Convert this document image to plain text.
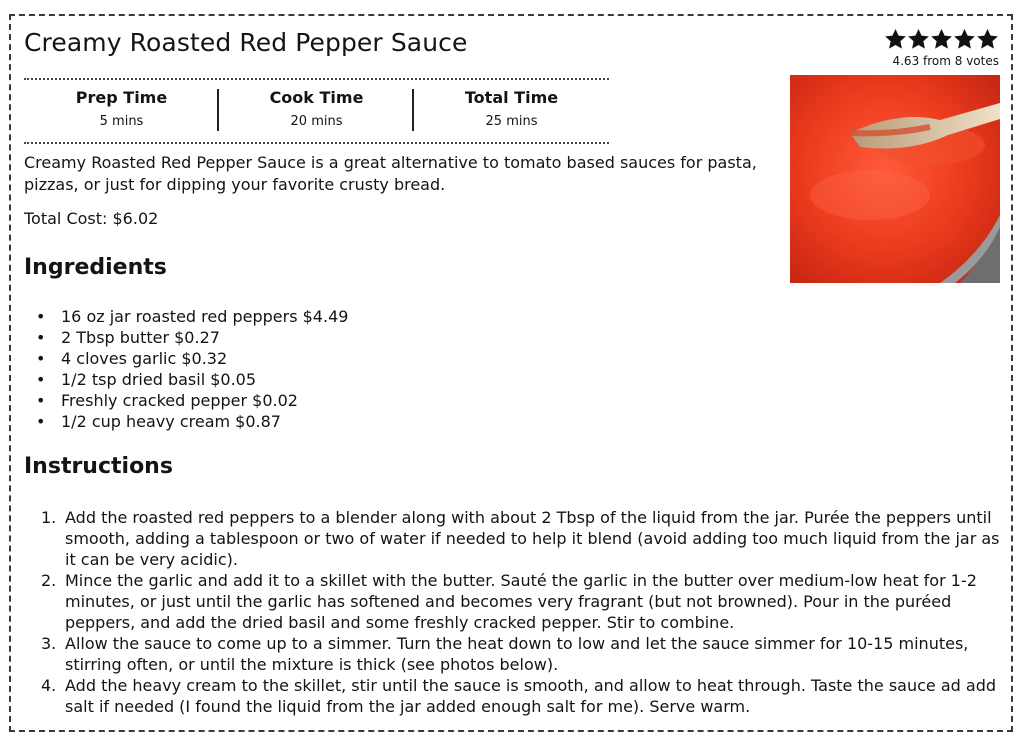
Creamy Roasted Red Pepper Sauce
4.63 from 8 votes
Prep Time
5 mins
Cook Time
20 mins
Total Time
25 mins

Creamy Roasted Red Pepper Sauce is a great alternative to tomato based sauces for pasta, pizzas, or just for dipping your favorite crusty bread.

Total Cost: $6.02
Ingredients
• 16 oz jar roasted red peppers $4.49
• 2 Tbsp butter $0.27
• 4 cloves garlic $0.32
• 1/2 tsp dried basil $0.05
• Freshly cracked pepper $0.02
• 1/2 cup heavy cream $0.87
Instructions
1. Add the roasted red peppers to a blender along with about 2 Tbsp of the liquid from the jar. Purée the peppers until smooth, adding a tablespoon or two of water if needed to help it blend (avoid adding too much liquid from the jar as it can be very acidic).
2. Mince the garlic and add it to a skillet with the butter. Sauté the garlic in the butter over medium-low heat for 1-2 minutes, or just until the garlic has softened and becomes very fragrant (but not browned). Pour in the puréed peppers, and add the dried basil and some freshly cracked pepper. Stir to combine.
3. Allow the sauce to come up to a simmer. Turn the heat down to low and let the sauce simmer for 10-15 minutes, stirring often, or until the mixture is thick (see photos below).
4. Add the heavy cream to the skillet, stir until the sauce is smooth, and allow to heat through. Taste the sauce ad add salt if needed (I found the liquid from the jar added enough salt for me). Serve warm.
